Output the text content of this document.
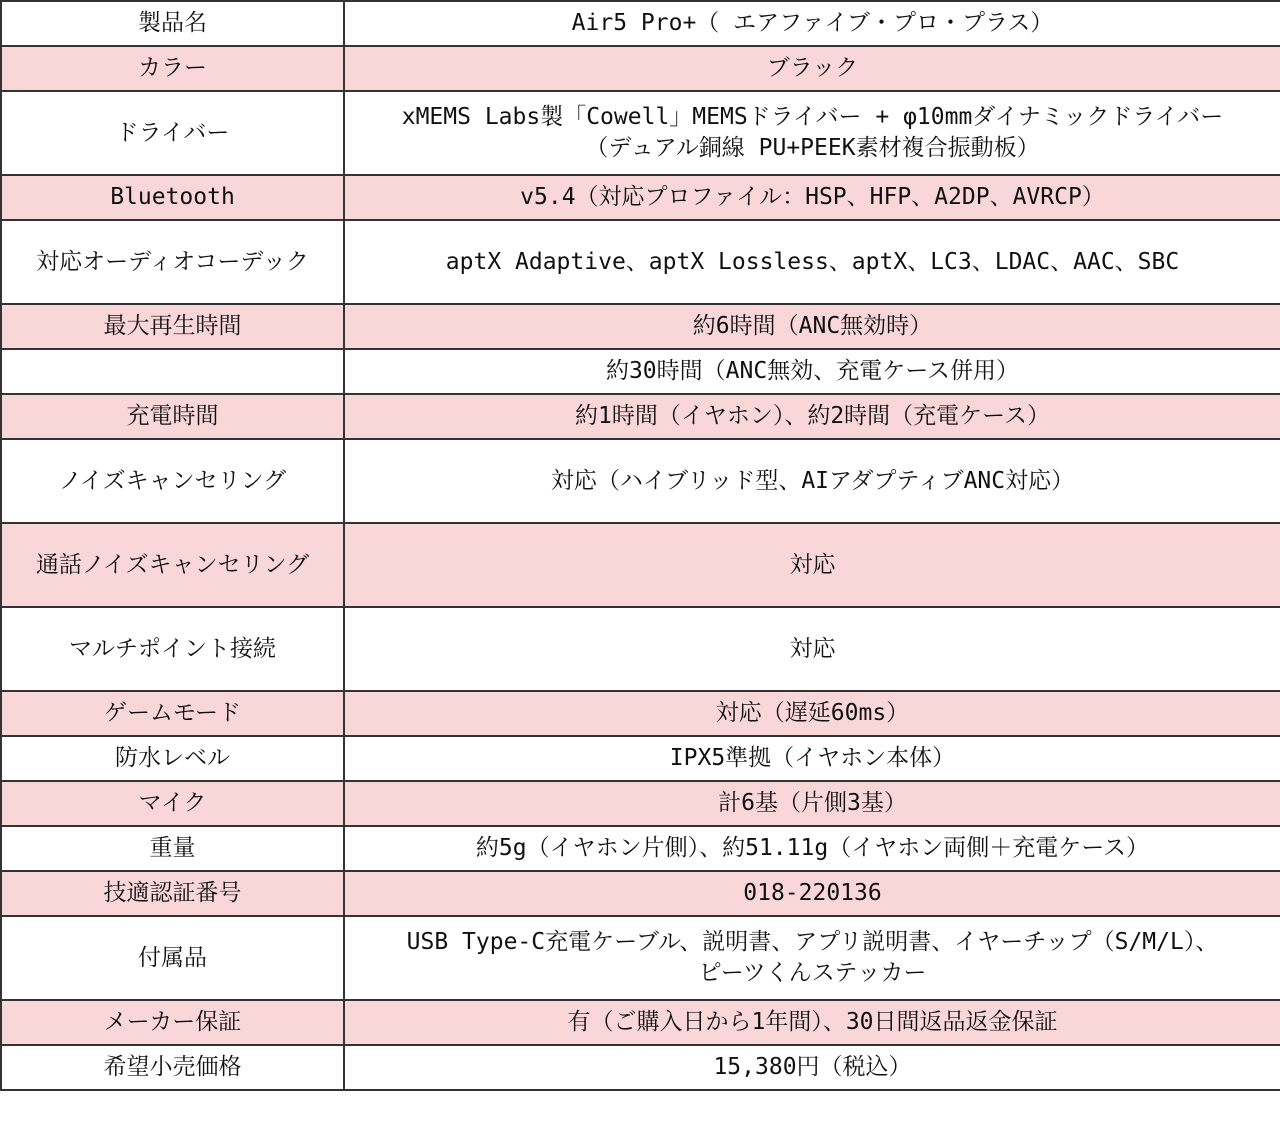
製品名	Air5 Pro+（ エアファイブ・プロ・プラス）
カラー	ブラック
ドライバー	xMEMS Labs製「Cowell」MEMSドライバー + φ10mmダイナミックドライバー
（デュアル銅線 PU+PEEK素材複合振動板）

Bluetooth	v5.4（対応プロファイル：HSP、HFP、A2DP、AVRCP）
対応オーディオコーデック	aptX Adaptive、aptX Lossless、aptX、LC3、LDAC、AAC、SBC
最大再生時間	約6時間（ANC無効時）
	約30時間（ANC無効、充電ケース併用）
充電時間	約1時間（イヤホン）、約2時間（充電ケース）
ノイズキャンセリング	対応（ハイブリッド型、AIアダプティブANC対応）
通話ノイズキャンセリング	対応
マルチポイント接続	対応
ゲームモード	対応（遅延60ms）
防水レベル	IPX5準拠（イヤホン本体）
マイク	計6基（片側3基）
重量	約5g（イヤホン片側）、約51.11g（イヤホン両側＋充電ケース）
技適認証番号	018-220136
付属品	USB Type-C充電ケーブル、説明書、アプリ説明書、イヤーチップ（S/M/L）、
ピーツくんステッカー

メーカー保証	有（ご購入日から1年間）、30日間返品返金保証
希望小売価格	15,380円（税込）
